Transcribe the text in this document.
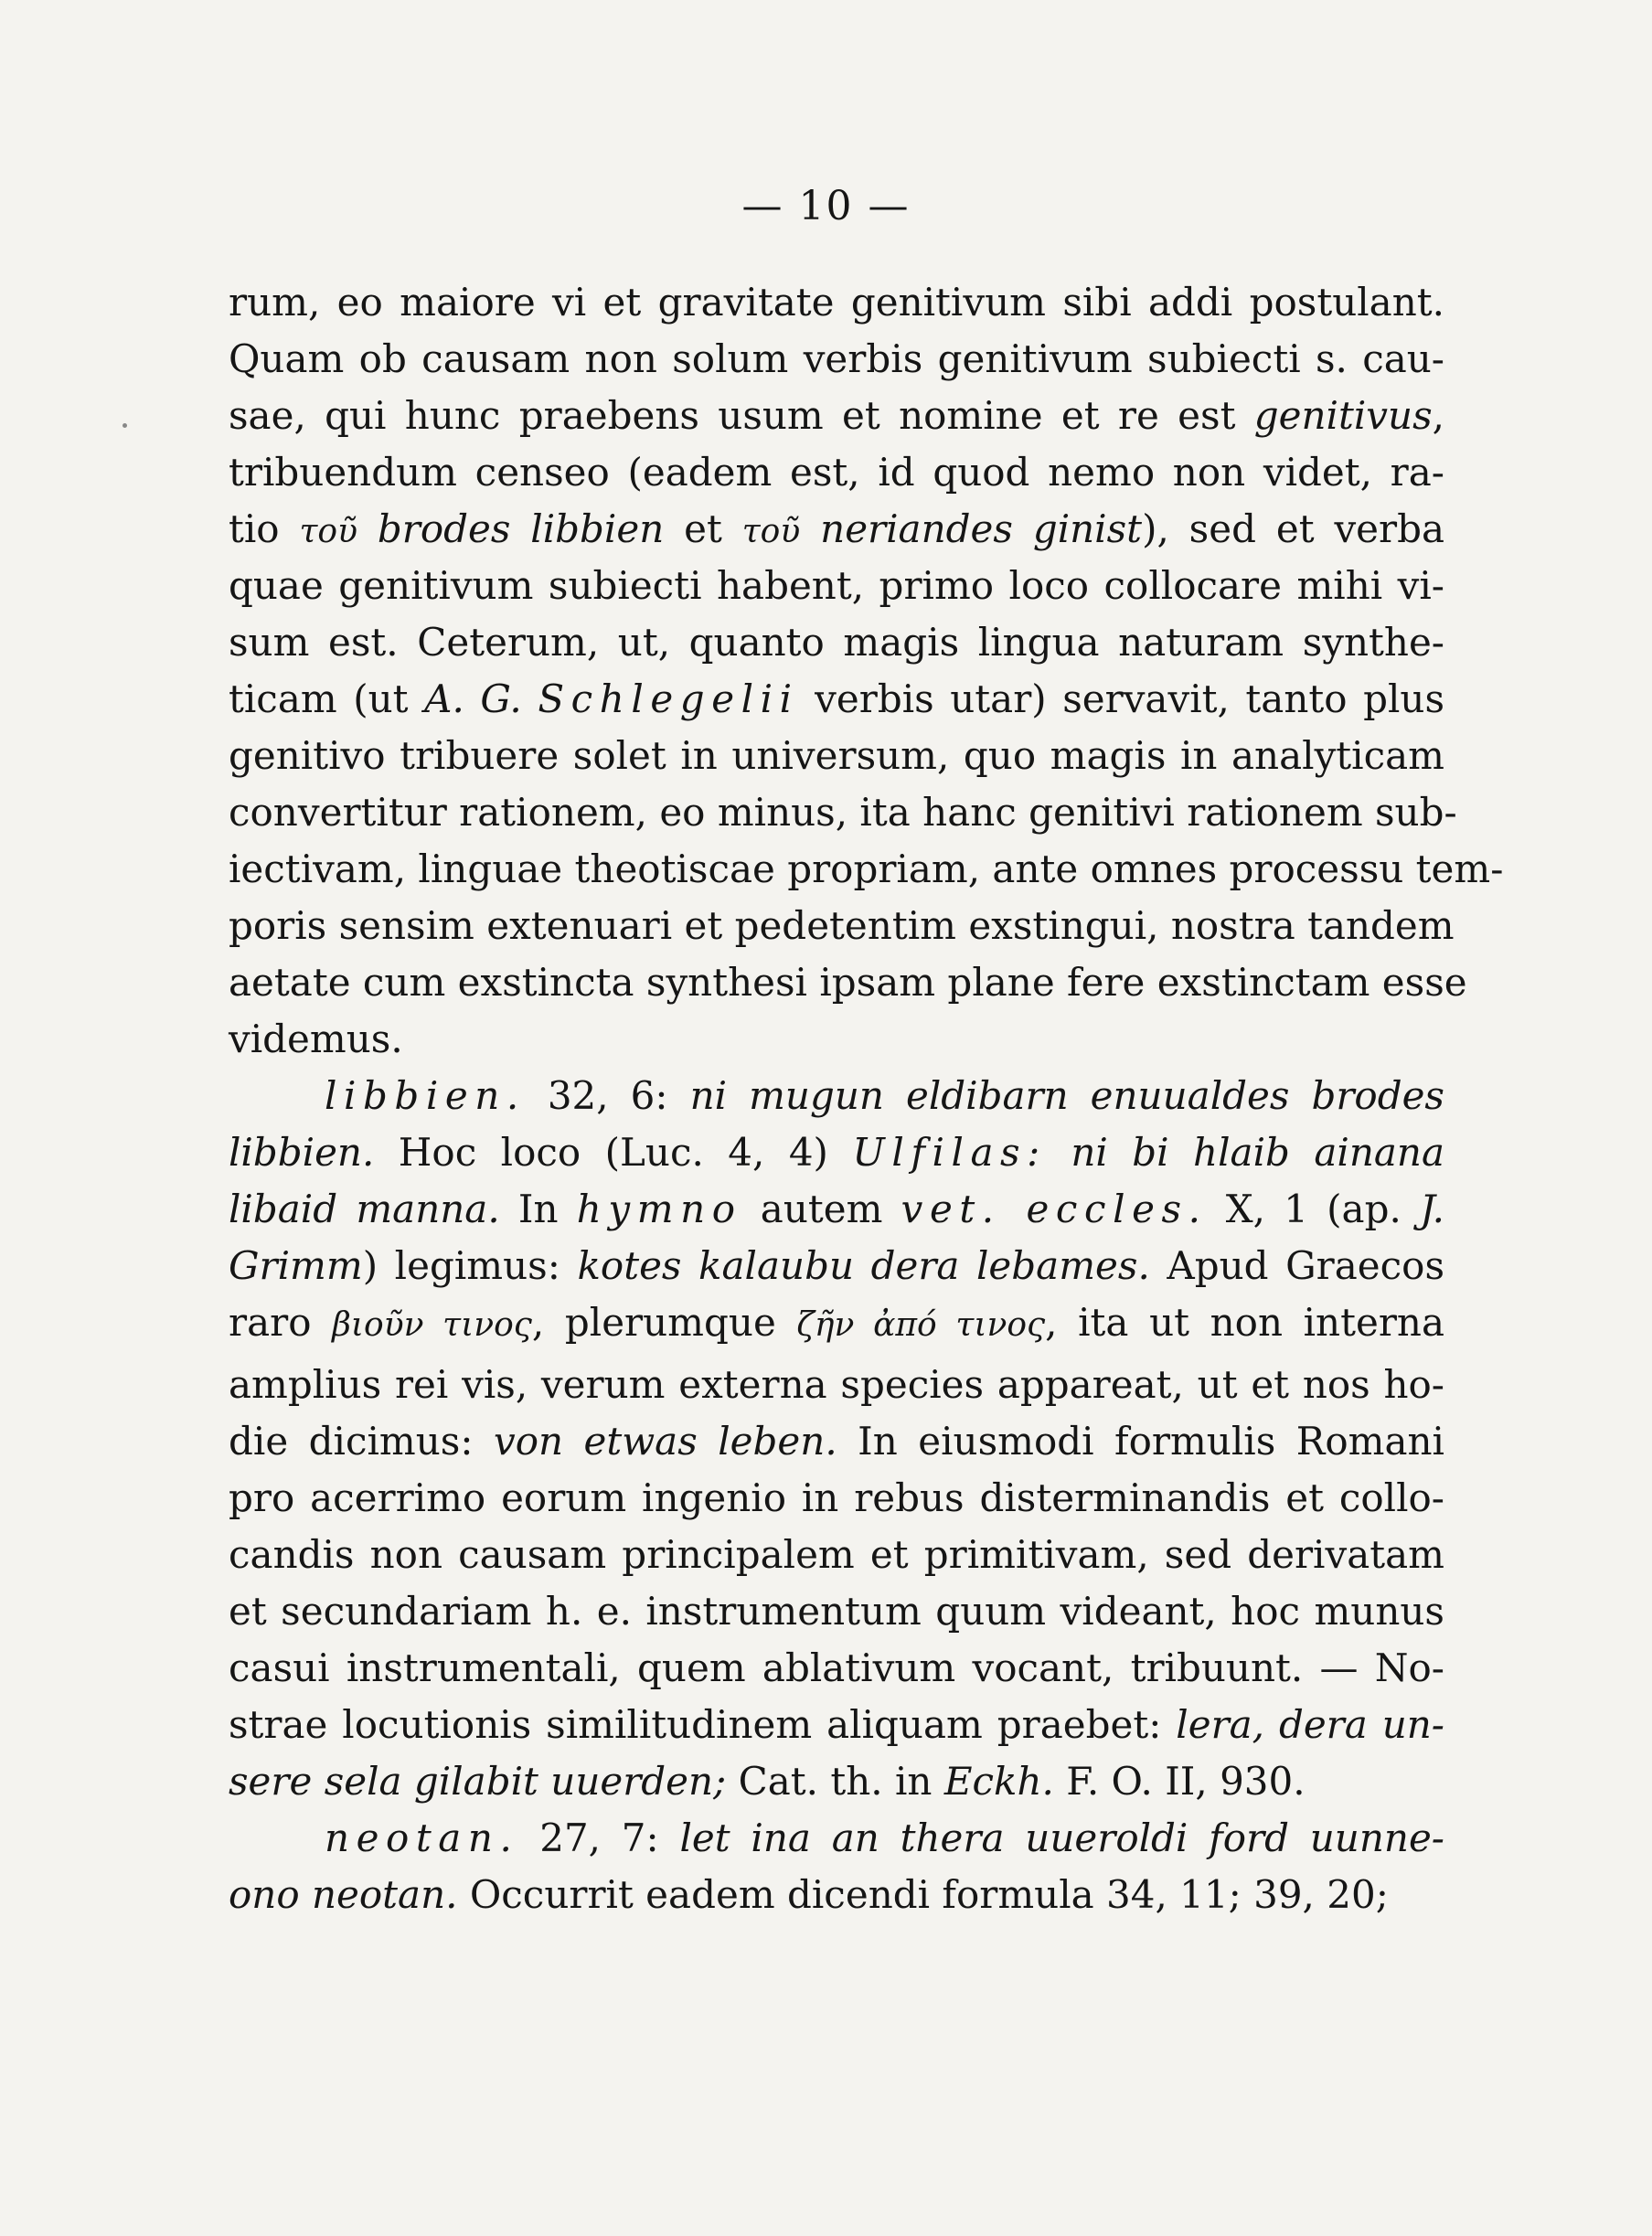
— 10 —
rum, eo maiore vi et gravitate genitivum sibi addi postulant.
Quam ob causam non solum verbis genitivum subiecti s. cau-
sae, qui hunc praebens usum et nomine et re est genitivus,
tribuendum censeo (eadem est, id quod nemo non videt, ra-
tio τοῦ brodes libbien et τοῦ neriandes ginist), sed et verba
quae genitivum subiecti habent, primo loco collocare mihi vi-
sum est. Ceterum, ut, quanto magis lingua naturam synthe-
ticam (ut A. G. Schlegelii verbis utar) servavit, tanto plus
genitivo tribuere solet in universum, quo magis in analyticam
convertitur rationem, eo minus, ita hanc genitivi rationem sub-
iectivam, linguae theotiscae propriam, ante omnes processu tem-
poris sensim extenuari et pedetentim exstingui, nostra tandem
aetate cum exstincta synthesi ipsam plane fere exstinctam esse
videmus.
libbien. 32, 6: ni mugun eldibarn enuualdes brodes
libbien. Hoc loco (Luc. 4, 4) Ulfilas: ni bi hlaib ainana
libaid manna. In hymno autem vet. eccles. X, 1 (ap. J.
Grimm) legimus: kotes kalaubu dera lebames. Apud Graecos
raro βιοῦν τινος, plerumque ζῆν ἀπό τινος, ita ut non interna
amplius rei vis, verum externa species appareat, ut et nos ho-
die dicimus: von etwas leben. In eiusmodi formulis Romani
pro acerrimo eorum ingenio in rebus disterminandis et collo-
candis non causam principalem et primitivam, sed derivatam
et secundariam h. e. instrumentum quum videant, hoc munus
casui instrumentali, quem ablativum vocant, tribuunt. — No-
strae locutionis similitudinem aliquam praebet: lera, dera un-
sere sela gilabit uuerden; Cat. th. in Eckh. F. O. II, 930.
neotan. 27, 7: let ina an thera uueroldi ford uunne-
ono neotan. Occurrit eadem dicendi formula 34, 11; 39, 20;
